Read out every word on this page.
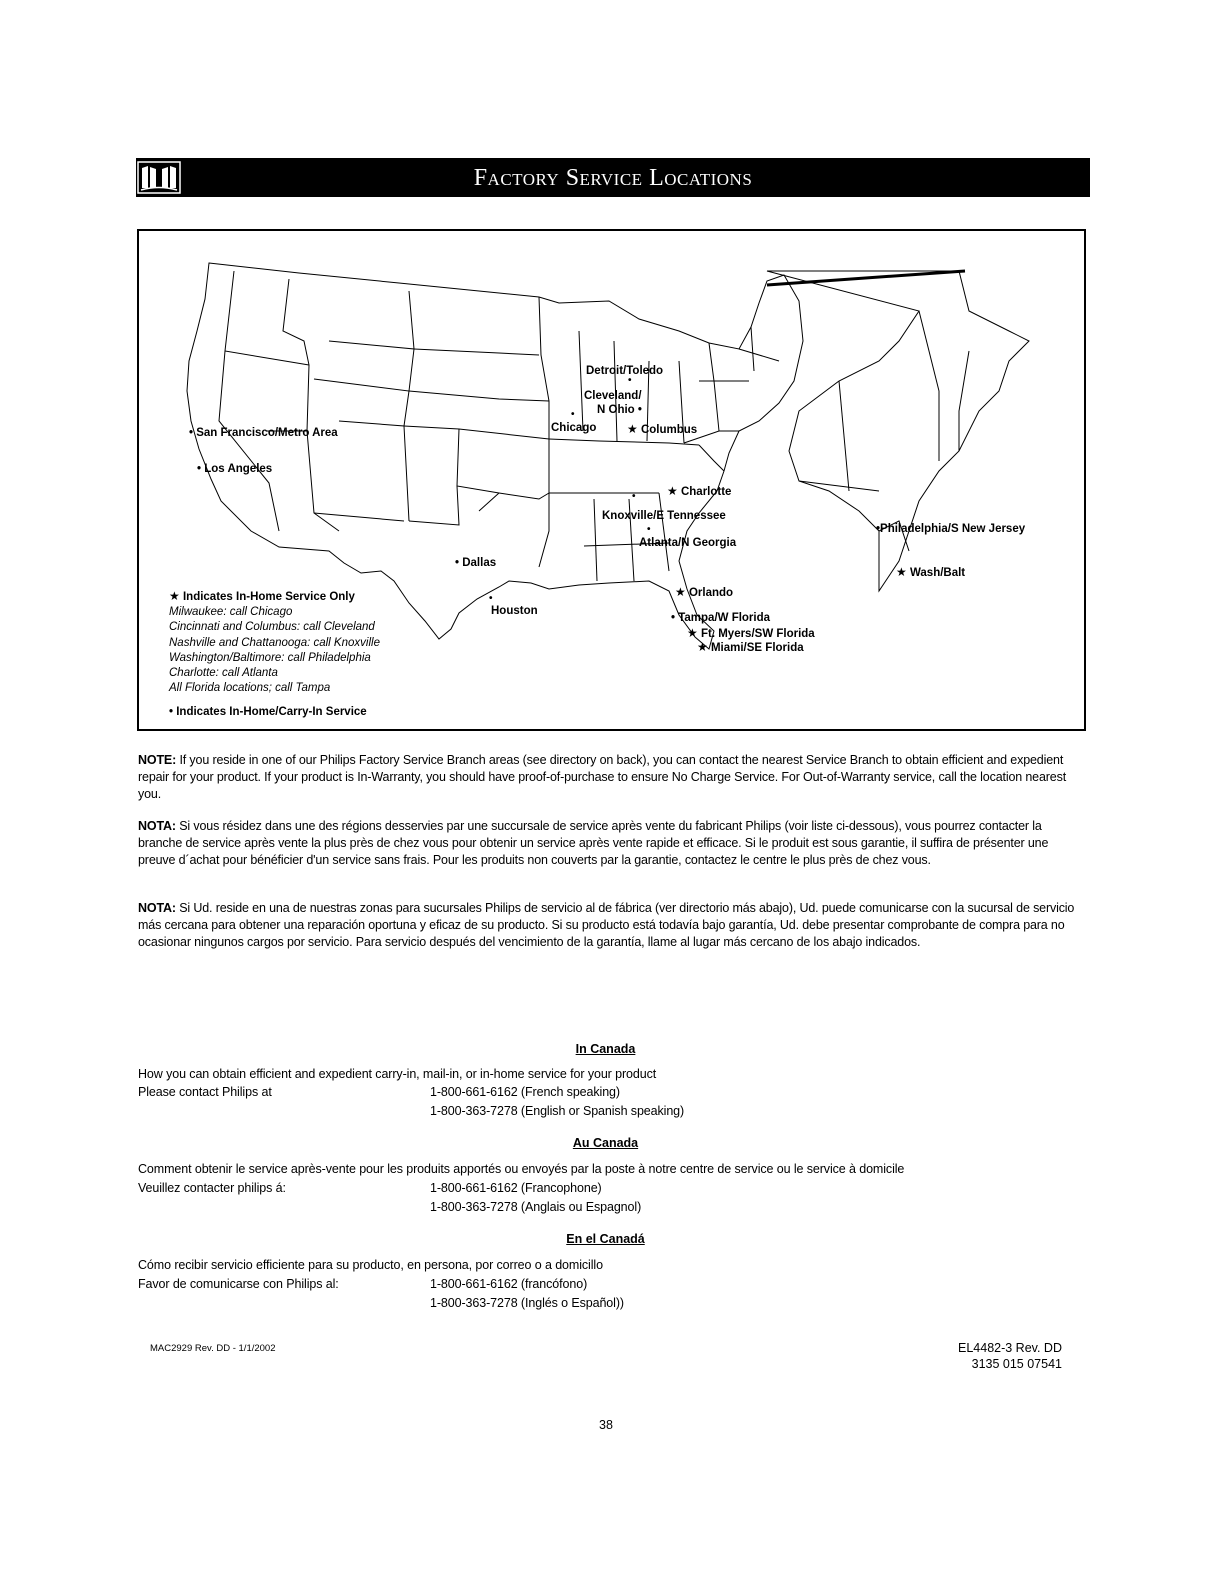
Factory Service Locations
Detroit/Toledo
•
Cleveland/
N Ohio •
Chicago
•
★ Columbus
• San Francisco/Metro Area
• Los Angeles
★ Charlotte
•
Knoxville/E Tennessee
•
Atlanta/N Georgia
•Philadelphia/S New Jersey
★ Wash/Balt
• Dallas
•
Houston
★ Orlando
• Tampa/W Florida
★ Ft. Myers/SW Florida
★ Miami/SE Florida
★ Indicates In-Home Service Only
Milwaukee: call Chicago
Cincinnati and Columbus: call Cleveland
Nashville and Chattanooga: call Knoxville
Washington/Baltimore: call Philadelphia
Charlotte: call Atlanta
All Florida locations; call Tampa
• Indicates In-Home/Carry-In Service
NOTE: If you reside in one of our Philips Factory Service Branch areas (see directory on back), you can contact the nearest Service Branch to obtain efficient and expedient repair for your product. If your product is In-Warranty, you should have proof-of-purchase to ensure No Charge Service. For Out-of-Warranty service, call the location nearest you.
NOTA: Si vous résidez dans une des régions desservies par une succursale de service après vente du fabricant Philips (voir liste ci-dessous), vous pourrez contacter la branche de service après vente la plus près de chez vous pour obtenir un service après vente rapide et efficace. Si le produit est sous garantie, il suffira de présenter une preuve d´achat pour bénéficier d'un service sans frais. Pour les produits non couverts par la garantie, contactez le centre le plus près de chez vous.
NOTA: Si Ud. reside en una de nuestras zonas para sucursales Philips de servicio al de fábrica (ver directorio más abajo), Ud. puede comunicarse con la sucursal de servicio más cercana para obtener una reparación oportuna y eficaz de su producto. Si su producto está todavía bajo garantía, Ud. debe presentar comprobante de compra para no ocasionar ningunos cargos por servicio. Para servicio después del vencimiento de la garantía, llame al lugar más cercano de los abajo indicados.
In Canada
How you can obtain efficient and expedient carry-in, mail-in, or in-home service for your product
Please contact Philips at	1-800-661-6162 (French speaking)
1-800-363-7278 (English or Spanish speaking)
Au Canada
Comment obtenir le service après-vente pour les produits apportés ou envoyés par la poste à notre centre de service ou le service à domicile
Veuillez contacter philips á:	1-800-661-6162 (Francophone)
1-800-363-7278 (Anglais ou Espagnol)
En el Canadá
Cómo recibir servicio efficiente para su producto, en persona, por correo o a domicillo
Favor de comunicarse con Philips al:	1-800-661-6162 (francófono)
1-800-363-7278 (Inglés o Español))
MAC2929 Rev. DD - 1/1/2002	EL4482-3 Rev. DD
3135 015 07541
38
